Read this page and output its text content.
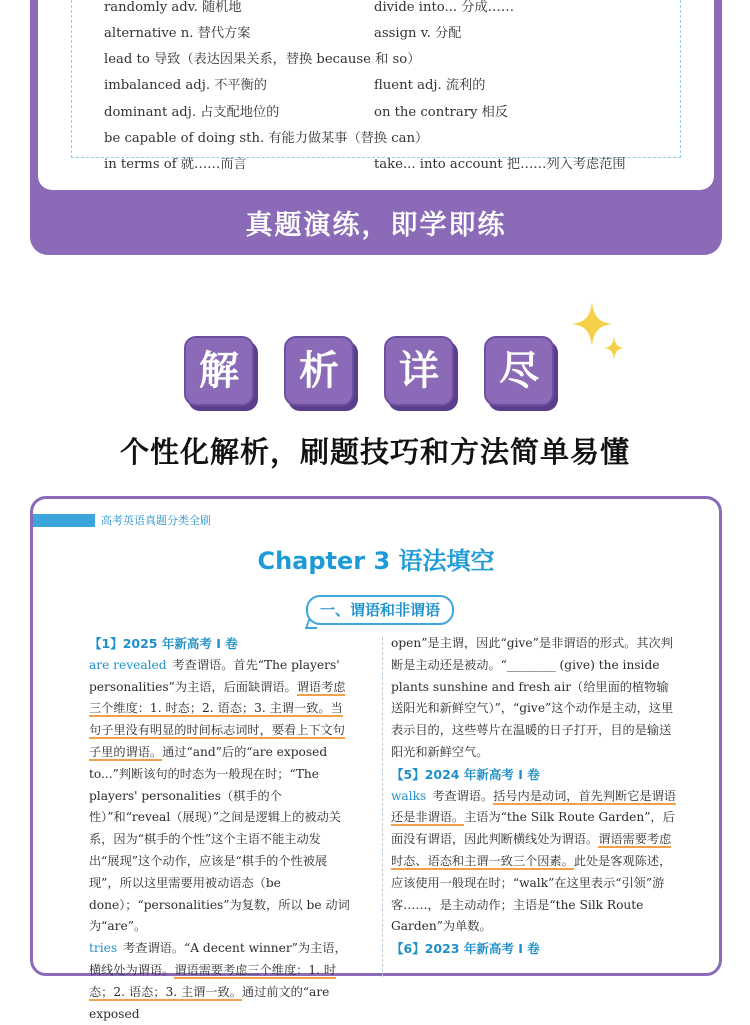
randomly adv. 随机地	divide into... 分成……
alternative n. 替代方案	assign v. 分配
lead to 导致（表达因果关系，替换 because 和 so）
imbalanced adj. 不平衡的	fluent adj. 流利的
dominant adj. 占支配地位的	on the contrary 相反
be capable of doing sth. 有能力做某事（替换 can）
in terms of 就……而言	take... into account 把……列入考虑范围
真题演练，即学即练
解	析	详	尽
个性化解析，刷题技巧和方法简单易懂
高考英语真题分类全刷
Chapter 3 语法填空
一、谓语和非谓语

【1】2025 年新高考 Ⅰ 卷

are revealed 考查谓语。首先“The players' personalities”为主语，后面缺谓语。谓语考虑三个维度：1. 时态；2. 语态；3. 主谓一致。当句子里没有明显的时间标志词时，要看上下文句子里的谓语。通过“and”后的“are exposed to...”判断该句的时态为一般现在时；“The players' personalities（棋手的个性）”和“reveal（展现）”之间是逻辑上的被动关系，因为“棋手的个性”这个主语不能主动发出“展现”这个动作，应该是“棋手的个性被展现”，所以这里需要用被动语态（be done）；“personalities”为复数，所以 be 动词为“are”。

tries 考查谓语。“A decent winner”为主语，横线处为谓语。谓语需要考虑三个维度：1. 时态；2. 语态；3. 主谓一致。通过前文的“are exposed

open”是主谓，因此“give”是非谓语的形式。其次判断是主动还是被动。“________ (give) the inside plants sunshine and fresh air（给里面的植物输送阳光和新鲜空气）”，“give”这个动作是主动，这里表示目的，这些萼片在温暖的日子打开，目的是输送阳光和新鲜空气。

【5】2024 年新高考 Ⅰ 卷

walks 考查谓语。括号内是动词，首先判断它是谓语还是非谓语。主语为“the Silk Route Garden”，后面没有谓语，因此判断横线处为谓语。谓语需要考虑时态、语态和主谓一致三个因素。此处是客观陈述，应该使用一般现在时；“walk”在这里表示“引领”游客……，是主动动作；主语是“the Silk Route Garden”为单数。

【6】2023 年新高考 Ⅰ 卷
